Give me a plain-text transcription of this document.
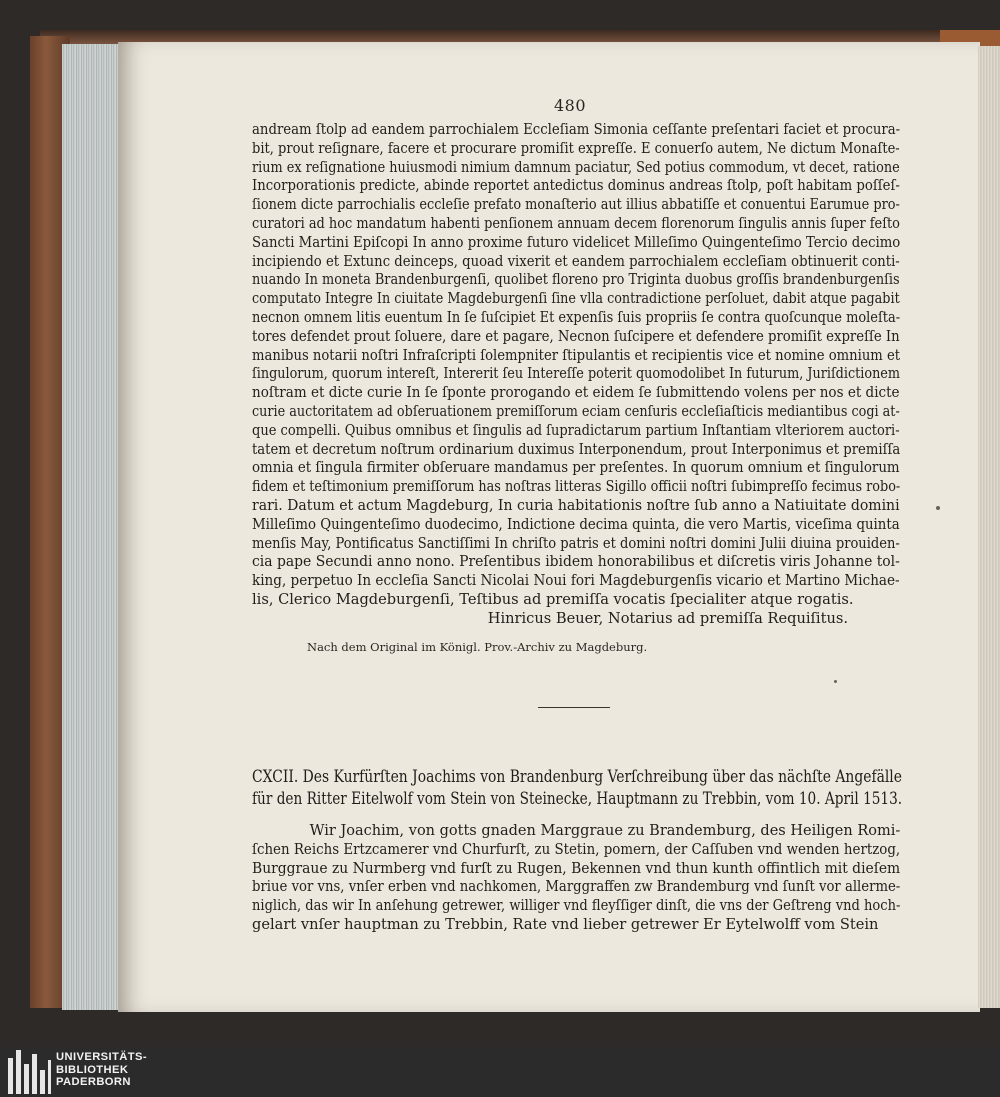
480
andream ſtolp ad eandem parrochialem Eccleſiam Simonia ceſſante preſentari faciet et procura-
bit, prout reſignare, facere et procurare promiſit expreſſe. E conuerſo autem, Ne dictum Monaſte-
rium ex reſignatione huiusmodi nimium damnum paciatur, Sed potius commodum, vt decet, ratione
Incorporationis predicte, abinde reportet antedictus dominus andreas ſtolp, poſt habitam poſſeſ-
ſionem dicte parrochialis eccleſie prefato monaſterio aut illius abbatiſſe et conuentui Earumue pro-
curatori ad hoc mandatum habenti penſionem annuam decem florenorum ſingulis annis ſuper feſto
Sancti Martini Epiſcopi In anno proxime futuro videlicet Milleſimo Quingenteſimo Tercio decimo
incipiendo et Extunc deinceps, quoad vixerit et eandem parrochialem eccleſiam obtinuerit conti-
nuando In moneta Brandenburgenſi, quolibet floreno pro Triginta duobus groſſis brandenburgenſis
computato Integre In ciuitate Magdeburgenſi ſine vlla contradictione perſoluet, dabit atque pagabit
necnon omnem litis euentum In ſe ſuſcipiet Et expenſis ſuis propriis ſe contra quoſcunque moleſta-
tores defendet prout ſoluere, dare et pagare, Necnon ſuſcipere et defendere promiſit expreſſe In
manibus notarii noſtri Infraſcripti ſolempniter ſtipulantis et recipientis vice et nomine omnium et
ſingulorum, quorum intereſt, Intererit ſeu Intereſſe poterit quomodolibet In futurum, Juriſdictionem
noſtram et dicte curie In ſe ſponte prorogando et eidem ſe ſubmittendo volens per nos et dicte
curie auctoritatem ad obſeruationem premiſſorum eciam cenſuris eccleſiaſticis mediantibus cogi at-
que compelli. Quibus omnibus et ſingulis ad ſupradictarum partium Inſtantiam vlteriorem auctori-
tatem et decretum noſtrum ordinarium duximus Interponendum, prout Interponimus et premiſſa
omnia et ſingula firmiter obſeruare mandamus per preſentes. In quorum omnium et ſingulorum
fidem et teſtimonium premiſſorum has noſtras litteras Sigillo officii noſtri ſubimpreſſo fecimus robo-
rari. Datum et actum Magdeburg, In curia habitationis noſtre ſub anno a Natiuitate domini
Milleſimo Quingenteſimo duodecimo, Indictione decima quinta, die vero Martis, viceſima quinta
menſis May, Pontificatus Sanctiſſimi In chriſto patris et domini noſtri domini Julii diuina prouiden-
cia pape Secundi anno nono. Preſentibus ibidem honorabilibus et diſcretis viris Johanne tol-
king, perpetuo In eccleſia Sancti Nicolai Noui fori Magdeburgenſis vicario et Martino Michae-
lis, Clerico Magdeburgenſi, Teſtibus ad premiſſa vocatis ſpecialiter atque rogatis.
Hinricus Beuer, Notarius ad premiſſa Requiſitus.
Nach dem Original im Königl. Prov.-Archiv zu Magdeburg.
CXCII. Des Kurfürſten Joachims von Brandenburg Verſchreibung über das nächſte Angefälle
für den Ritter Eitelwolf vom Stein von Steinecke, Hauptmann zu Trebbin, vom 10. April 1513.
Wir Joachim, von gotts gnaden Marggraue zu Brandemburg, des Heiligen Romi-
ſchen Reichs Ertzcamerer vnd Churfurſt, zu Stetin, pomern, der Caſſuben vnd wenden hertzog,
Burggraue zu Nurmberg vnd furſt zu Rugen, Bekennen vnd thun kunth offintlich mit dieſem
briue vor vns, vnſer erben vnd nachkomen, Marggraffen zw Brandemburg vnd ſunſt vor allerme-
niglich, das wir In anſehung getrewer, williger vnd fleyſſiger dinſt, die vns der Geſtreng vnd hoch-
gelart vnſer hauptman zu Trebbin, Rate vnd lieber getrewer Er Eytelwolff vom Stein
UNIVERSITÄTS-
BIBLIOTHEK
PADERBORN
